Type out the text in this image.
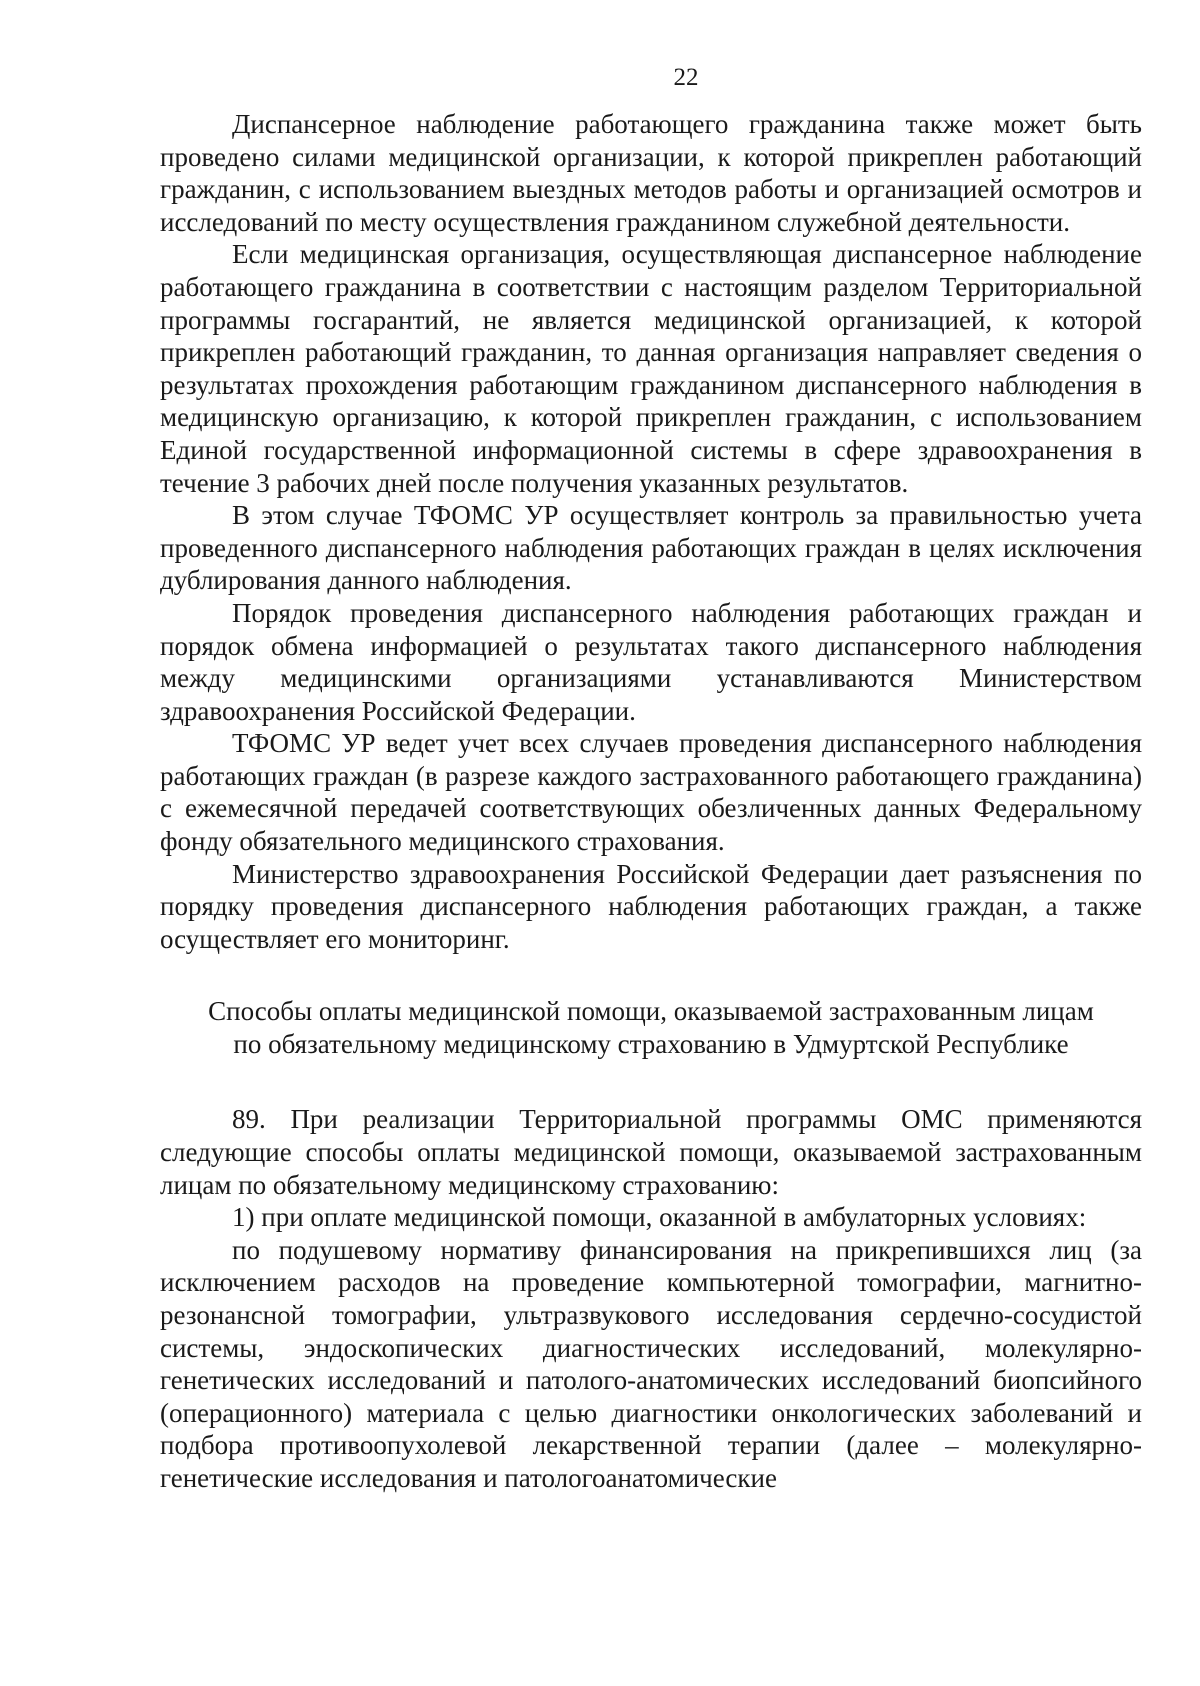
22

Диспансерное наблюдение работающего гражданина также может быть проведено силами медицинской организации, к которой прикреплен работающий гражданин, с использованием выездных методов работы и организацией осмотров и исследований по месту осуществления гражданином служебной деятельности.

Если медицинская организация, осуществляющая диспансерное наблюдение работающего гражданина в соответствии с настоящим разделом Территориальной программы госгарантий, не является медицинской организацией, к которой прикреплен работающий гражданин, то данная организация направляет сведения о результатах прохождения работающим гражданином диспансерного наблюдения в медицинскую организацию, к которой прикреплен гражданин, с использованием Единой государственной информационной системы в сфере здравоохранения в течение 3 рабочих дней после получения указанных результатов.

В этом случае ТФОМС УР осуществляет контроль за правильностью учета проведенного диспансерного наблюдения работающих граждан в целях исключения дублирования данного наблюдения.

Порядок проведения диспансерного наблюдения работающих граждан и порядок обмена информацией о результатах такого диспансерного наблюдения между медицинскими организациями устанавливаются Министерством здравоохранения Российской Федерации.

ТФОМС УР ведет учет всех случаев проведения диспансерного наблюдения работающих граждан (в разрезе каждого застрахованного работающего гражданина) с ежемесячной передачей соответствующих обезличенных данных Федеральному фонду обязательного медицинского страхования.

Министерство здравоохранения Российской Федерации дает разъяснения по порядку проведения диспансерного наблюдения работающих граждан, а также осуществляет его мониторинг.

Способы оплаты медицинской помощи, оказываемой застрахованным лицам
по обязательному медицинскому страхованию в Удмуртской Республике

89. При реализации Территориальной программы ОМС применяются следующие способы оплаты медицинской помощи, оказываемой застрахованным лицам по обязательному медицинскому страхованию:

1) при оплате медицинской помощи, оказанной в амбулаторных условиях:

по подушевому нормативу финансирования на прикрепившихся лиц (за исключением расходов на проведение компьютерной томографии, магнитно-резонансной томографии, ультразвукового исследования сердечно-сосудистой системы, эндоскопических диагностических исследований, молекулярно-генетических исследований и патолого-анатомических исследований биопсийного (операционного) материала с целью диагностики онкологических заболеваний и подбора противоопухолевой лекарственной терапии (далее – молекулярно-генетические исследования и патологоанатомические
